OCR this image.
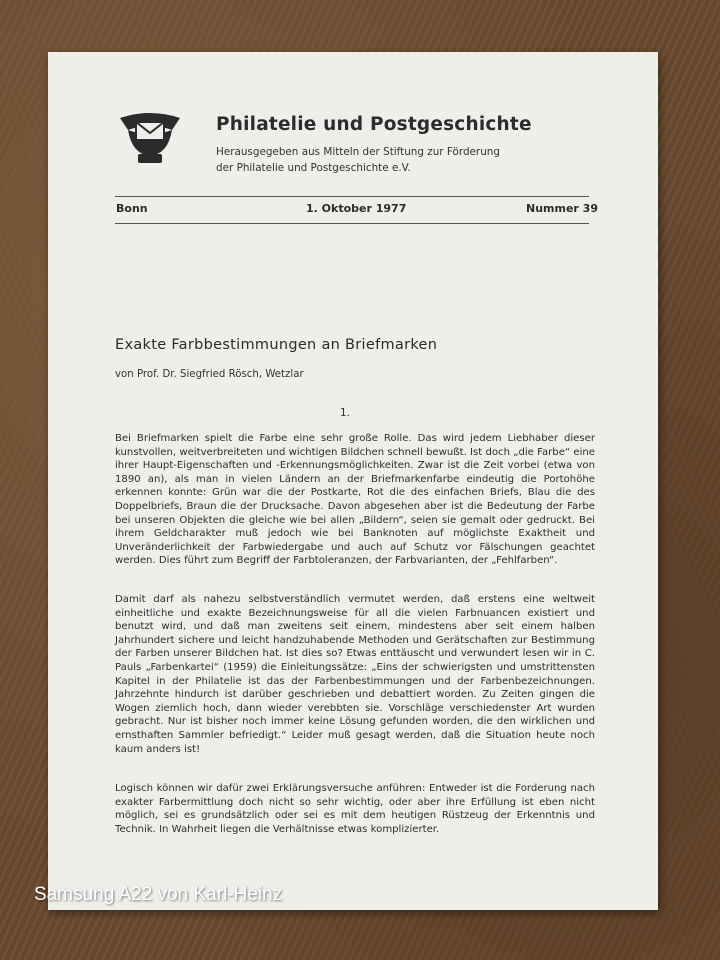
Philatelie und Postgeschichte
Herausgegeben aus Mitteln der Stiftung zur Förderung
der Philatelie und Postgeschichte e.V.
Bonn	1. Oktober 1977	Nummer 39
Exakte Farbbestimmungen an Briefmarken
von Prof. Dr. Siegfried Rösch, Wetzlar
1.

Bei Briefmarken spielt die Farbe eine sehr große Rolle. Das wird jedem Liebhaber dieser kunstvollen, weitverbreiteten und wichtigen Bildchen schnell bewußt. Ist doch „die Farbe“ eine ihrer Haupt-Eigenschaften und -Erkennungsmöglichkeiten. Zwar ist die Zeit vorbei (etwa von 1890 an), als man in vielen Ländern an der Briefmarkenfarbe eindeutig die Portohöhe erkennen konnte: Grün war die der Postkarte, Rot die des einfachen Briefs, Blau die des Doppelbriefs, Braun die der Drucksache. Davon abgesehen aber ist die Bedeutung der Farbe bei unseren Objekten die gleiche wie bei allen „Bildern“, seien sie gemalt oder gedruckt. Bei ihrem Geldcharakter muß jedoch wie bei Banknoten auf möglichste Exaktheit und Unveränderlichkeit der Farbwiedergabe und auch auf Schutz vor Fälschungen geachtet werden. Dies führt zum Begriff der Farbtoleranzen, der Farbvarianten, der „Fehlfarben“.

Damit darf als nahezu selbstverständlich vermutet werden, daß erstens eine weltweit einheitliche und exakte Bezeichnungsweise für all die vielen Farbnuancen existiert und benutzt wird, und daß man zweitens seit einem, mindestens aber seit einem halben Jahrhundert sichere und leicht handzuhabende Methoden und Gerätschaften zur Bestimmung der Farben unserer Bildchen hat. Ist dies so? Etwas enttäuscht und verwundert lesen wir in C. Pauls „Farbenkartei“ (1959) die Einleitungssätze: „Eins der schwierigsten und umstrittensten Kapitel in der Philatelie ist das der Farbenbestimmungen und der Farbenbezeichnungen. Jahrzehnte hindurch ist darüber geschrieben und debattiert worden. Zu Zeiten gingen die Wogen ziemlich hoch, dann wieder verebbten sie. Vorschläge verschiedenster Art wurden gebracht. Nur ist bisher noch immer keine Lösung gefunden worden, die den wirklichen und ernsthaften Sammler befriedigt.“ Leider muß gesagt werden, daß die Situation heute noch kaum anders ist!

Logisch können wir dafür zwei Erklärungsversuche anführen: Entweder ist die Forderung nach exakter Farbermittlung doch nicht so sehr wichtig, oder aber ihre Erfüllung ist eben nicht möglich, sei es grundsätzlich oder sei es mit dem heutigen Rüstzeug der Erkenntnis und Technik. In Wahrheit liegen die Verhältnisse etwas komplizierter.

Samsung A22 von Karl-Heinz
